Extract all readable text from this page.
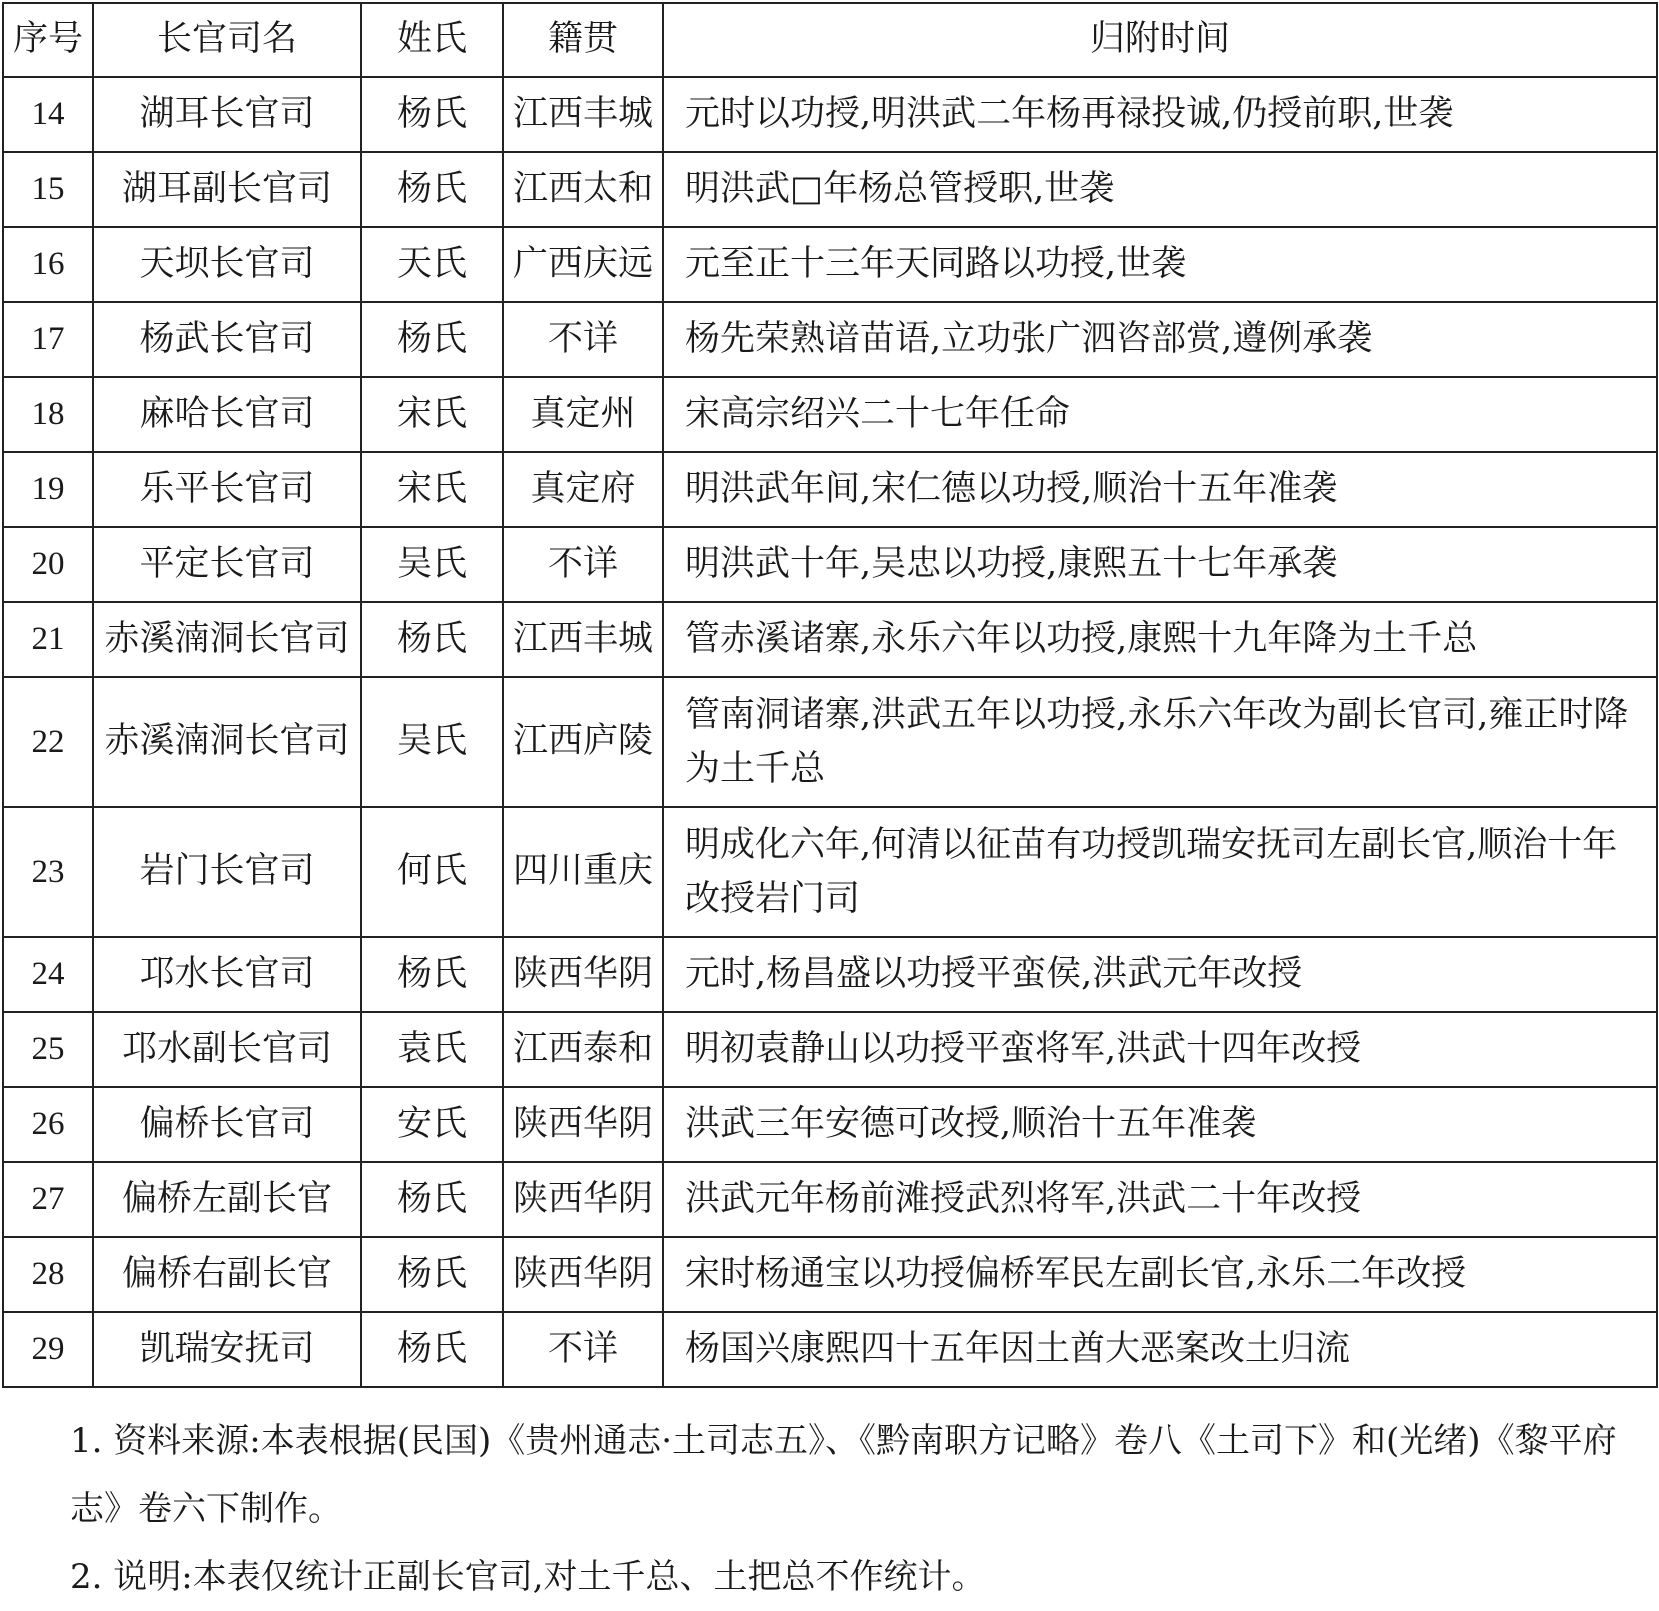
序号	长官司名	姓氏	籍贯	归附时间
14	湖耳长官司	杨氏	江西丰城	元时以功授,明洪武二年杨再禄投诚,仍授前职,世袭
15	湖耳副长官司	杨氏	江西太和	明洪武□年杨总管授职,世袭
16	天坝长官司	天氏	广西庆远	元至正十三年天同路以功授,世袭
17	杨武长官司	杨氏	不详	杨先荣熟谙苗语,立功张广泗咨部赏,遵例承袭
18	麻哈长官司	宋氏	真定州	宋高宗绍兴二十七年任命
19	乐平长官司	宋氏	真定府	明洪武年间,宋仁德以功授,顺治十五年准袭
20	平定长官司	吴氏	不详	明洪武十年,吴忠以功授,康熙五十七年承袭
21	赤溪湳洞长官司	杨氏	江西丰城	管赤溪诸寨,永乐六年以功授,康熙十九年降为土千总
22	赤溪湳洞长官司	吴氏	江西庐陵	管南洞诸寨,洪武五年以功授,永乐六年改为副长官司,雍正时降为土千总
23	岩门长官司	何氏	四川重庆	明成化六年,何清以征苗有功授凯瑞安抚司左副长官,顺治十年改授岩门司
24	邛水长官司	杨氏	陕西华阴	元时,杨昌盛以功授平蛮侯,洪武元年改授
25	邛水副长官司	袁氏	江西泰和	明初袁静山以功授平蛮将军,洪武十四年改授
26	偏桥长官司	安氏	陕西华阴	洪武三年安德可改授,顺治十五年准袭
27	偏桥左副长官	杨氏	陕西华阴	洪武元年杨前滩授武烈将军,洪武二十年改授
28	偏桥右副长官	杨氏	陕西华阴	宋时杨通宝以功授偏桥军民左副长官,永乐二年改授
29	凯瑞安抚司	杨氏	不详	杨国兴康熙四十五年因土酋大恶案改土归流

1. 资料来源:本表根据(民国)《贵州通志·土司志五》、《黔南职方记略》卷八《土司下》和(光绪)《黎平府志》卷六下制作。

2. 说明:本表仅统计正副长官司,对土千总、土把总不作统计。
